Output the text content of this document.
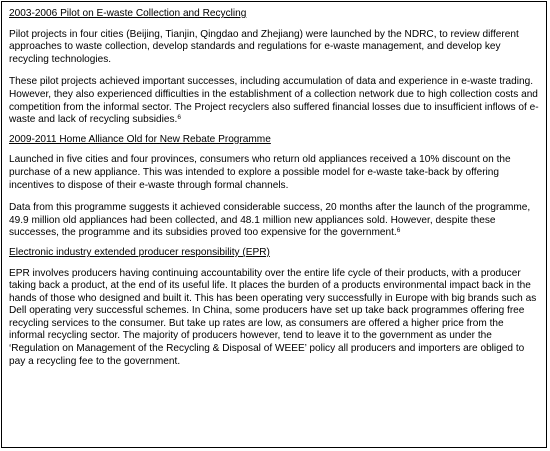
2003-2006 Pilot on E-waste Collection and Recycling

Pilot projects in four cities (Beijing, Tianjin, Qingdao and Zhejiang) were launched by the NDRC, to review different approaches to waste collection, develop standards and regulations for e-waste management, and develop key recycling technologies.

These pilot projects achieved important successes, including accumulation of data and experience in e-waste trading. However, they also experienced difficulties in the establishment of a collection network due to high collection costs and competition from the informal sector. The Project recyclers also suffered financial losses due to insufficient inflows of e-waste and lack of recycling subsidies.$^6$

2009-2011 Home Alliance Old for New Rebate Programme

Launched in five cities and four provinces, consumers who return old appliances received a 10% discount on the purchase of a new appliance. This was intended to explore a possible model for e-waste take-back by offering incentives to dispose of their e-waste through formal channels.

Data from this programme suggests it achieved considerable success, 20 months after the launch of the programme, 49.9 million old appliances had been collected, and 48.1 million new appliances sold. However, despite these successes, the programme and its subsidies proved too expensive for the government.$^6$

Electronic industry extended producer responsibility (EPR)

EPR involves producers having continuing accountability over the entire life cycle of their products, with a producer taking back a product, at the end of its useful life. It places the burden of a products environmental impact back in the hands of those who designed and built it. This has been operating very successfully in Europe with big brands such as Dell operating very successful schemes. In China, some producers have set up take back programmes offering free recycling services to the consumer. But take up rates are low, as consumers are offered a higher price from the informal recycling sector. The majority of producers however, tend to leave it to the government as under the ‘Regulation on Management of the Recycling & Disposal of WEEE’ policy all producers and importers are obliged to pay a recycling fee to the government.
